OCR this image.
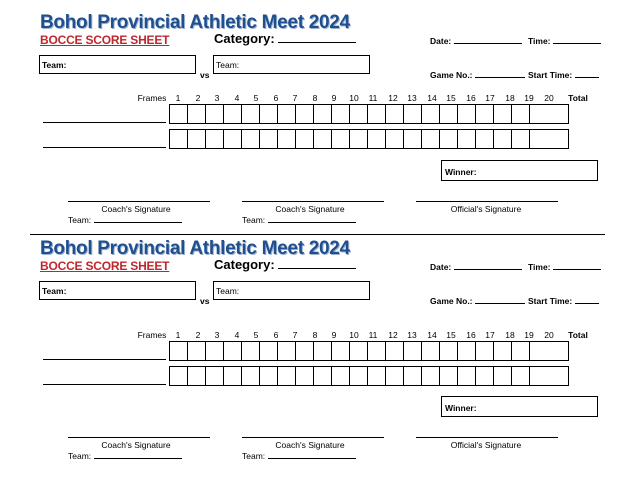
Bohol Provincial Athletic Meet 2024
BOCCE SCORE SHEET	Category:	Date:	Time:
Team:
vs
Team:
Game No.:	Start Time:
Frames	1	2	3	4	5	6	7	8	9	10	11	12	13	14	15	16	17	18	19	20	Total

Winner:
Coach's Signature
Team:
Coach's Signature
Team:
Official's Signature
Bohol Provincial Athletic Meet 2024
BOCCE SCORE SHEET	Category:	Date:	Time:
Team:
vs
Team:
Game No.:	Start Time:
Frames	1	2	3	4	5	6	7	8	9	10	11	12	13	14	15	16	17	18	19	20	Total

Winner:
Coach's Signature
Team:
Coach's Signature
Team:
Official's Signature
